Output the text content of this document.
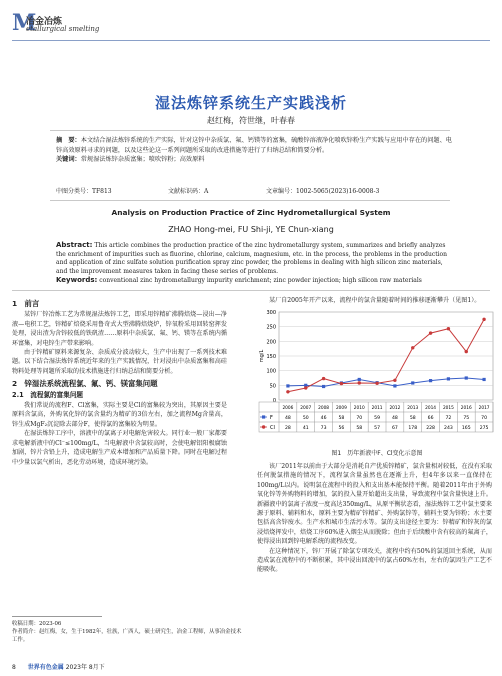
M
冶金冶炼
etallurgical smelting
湿法炼锌系统生产实践浅析
赵红梅，符世继，叶春春
摘　要：本文结合湿法炼锌系统的生产实际，针对这锌中杂质氯、氟、钙镁等的富集，硫酸锌溶液净化喷吹锌粉生产实践与应用中存在的问题、电锌高效原料寻求的问题，以及这些论这一系列问题所采取的改进措施等进行了归纳总结和简要分析。
关键词：常规湿法炼锌杂质富集；喷吹锌粉；高效原料
中图分类号：TF813	文献标识码：A	文章编号：1002-5065(2023)16-0008-3
Analysis on Production Practice of Zinc Hydrometallurgical System
ZHAO Hong-mei, FU Shi-ji, YE Chun-xiang
Abstract: This article combines the production practice of the zinc hydrometallurgy system, summarizes and briefly analyzes the enrichment of impurities such as fluorine, chlorine, calcium, magnesium, etc. in the process, the problems in the production and application of zinc sulfate solution purification spray zinc powder, the problems in dealing with high silicon zinc materials, and the improvement measures taken in facing these series of problems.
Keywords: conventional zinc hydrometallurgy impurity enrichment; zinc powder injection; high silicon raw materials
1　前言

某锌厂锌冶炼工艺为常规湿法炼锌工艺，即采用锌精矿沸腾焙烧—浸出—净液—电积工艺，锌精矿焙烧采用鲁奇式大型沸腾焙烧炉，锌氧粉采用回转窑挥发处理，浸出渣为含锌较低的铁矾渣……原料中杂质氯、氟、钙、镁等在系统内循环富集，对电锌生产带来影响。

由于锌精矿原料来源复杂、杂质成分波动较大，生产中出现了一系列技术难题。以下结合湿法炼锌系统近年来的生产实践情况，针对浸出中杂质富集和高硅物料处理等问题所采取的技术措施进行归纳总结和简要分析。

2　锌湿法系统流程氯、氟、钙、镁富集问题
2.1　流程氯的富集问题

我们常说的流程F、Cl富集，实际主要是Cl的富集较为突出，其原因主要是原料含氯高，外购氧化锌的氯含量约为精矿的3倍左右，加之流程Mg含量高，锌生成MgF₂沉淀除去部分F，使得氯的富集较为明显。

在湿法炼锌工序中，溶液中的氯离子对电解危害较大。同行业一般厂家都要求电解新液中的Cl⁻≤100mg/L，当电解液中含氯较高时，会使电解铝阳极腐蚀加剧，锌片含铅上升，造成电解生产成本增加和产品质量下降。同时在电解过程中少量以氯气析出，恶化劳动环境，造成环境污染。

某厂自2005年开产以来，流程中的氯含量随着时间的推移逐渐攀升（见图1）。

0
50
100
150
200
250
300
mg/L
2006 2007 2008 2009 2010 2011 2012 2013 2014 2015 2016 2017
F	48	50	46	58	70	59	48	58	66	72	75	70
Cl 28	41	73	56	58	57	67 178 228 243 165 275
图1　历年新液中F、Cl变化示意图

该厂2011年以前由于大部分是消耗自产优质锌精矿，氯含量相对较低，在没有采取任何脱氯措施的情况下，流程氯含量虽然也在逐渐上升，但4年多以来一直保持在100mg/L以内。说明氯在流程中的投入和支出基本能保持平衡。随着2011年由于外购氧化锌等外购物料的增加，氯的投入量开始超出支出量，导致流程中氯含量快速上升。新疆液中的氯离子浓度一度高达350mg/L，从原平衡状态看，湿法炼锌工艺中氯主要来源于原料、辅料和水，原料主要为精矿锌精矿、外购氯锌等，辅料主要为锌粉；水主要包括高含锌废水。生产水和城市生活污水等。氯的支出途径主要为：锌精矿和锌灰的氯浸焙烧挥发中，焙烧工序60%进入烟尘从而脱除；但由于后续酸中含有较高的氟离子，使得浸出回到锌电解系统的流程改变。

在这种情况下，锌厂开展了除氯专项攻关，流程中约有50%的氯返回主系统，从而造成氯在流程中的不断积累，其中浸出回流中的氯占60%左右，左右的氯因生产工艺不能吸收。

收稿日期：2023-06
作者简介：赵红梅，女，生于1982年，壮族，广西人，硕士研究生，冶金工程师，从事冶金技术工作。
8 世界有色金属 2023年 8月下
